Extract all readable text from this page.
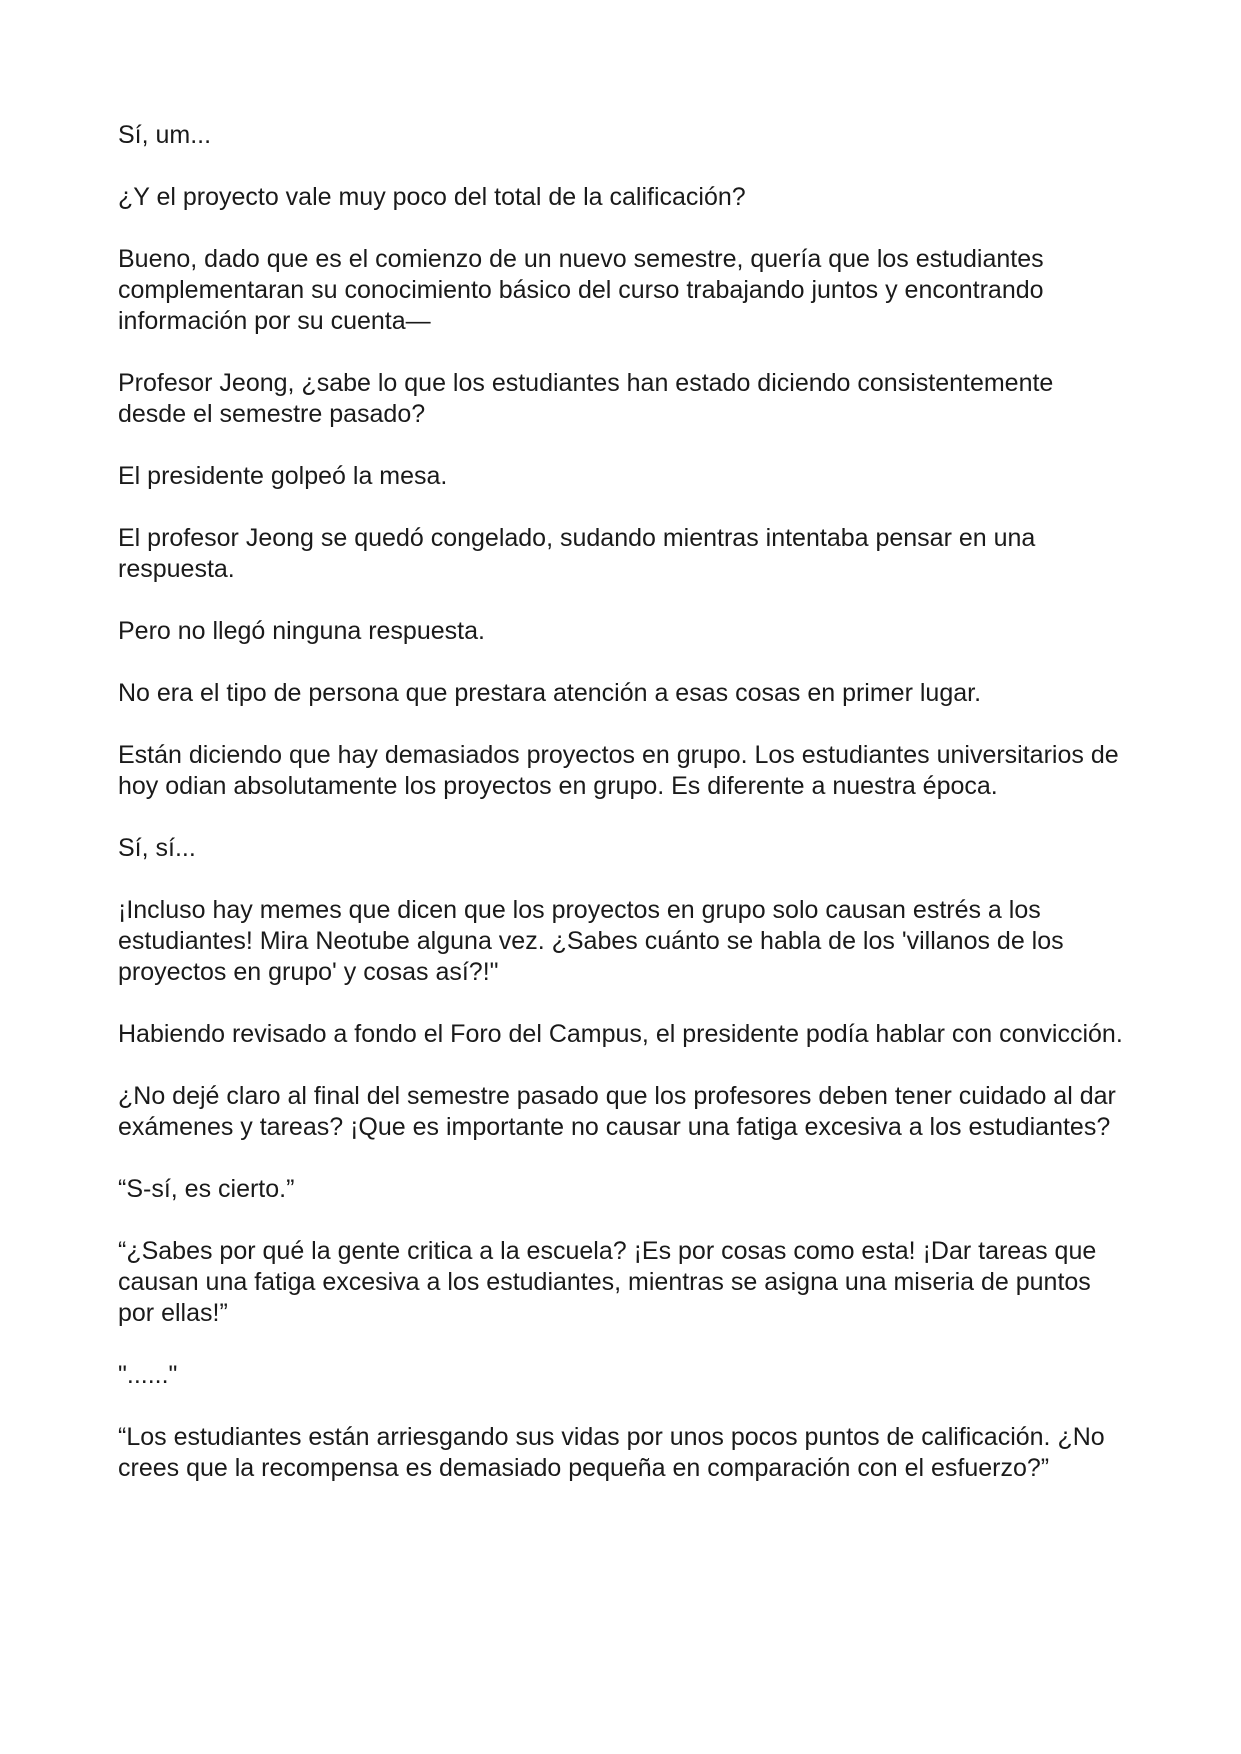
Sí, um...

¿Y el proyecto vale muy poco del total de la calificación?

Bueno, dado que es el comienzo de un nuevo semestre, quería que los estudiantes complementaran su conocimiento básico del curso trabajando juntos y encontrando información por su cuenta—

Profesor Jeong, ¿sabe lo que los estudiantes han estado diciendo consistentemente desde el semestre pasado?

El presidente golpeó la mesa.

El profesor Jeong se quedó congelado, sudando mientras intentaba pensar en una respuesta.

Pero no llegó ninguna respuesta.

No era el tipo de persona que prestara atención a esas cosas en primer lugar.

Están diciendo que hay demasiados proyectos en grupo. Los estudiantes universitarios de hoy odian absolutamente los proyectos en grupo. Es diferente a nuestra época.

Sí, sí...

¡Incluso hay memes que dicen que los proyectos en grupo solo causan estrés a los estudiantes! Mira Neotube alguna vez. ¿Sabes cuánto se habla de los 'villanos de los proyectos en grupo' y cosas así?!"

Habiendo revisado a fondo el Foro del Campus, el presidente podía hablar con convicción.

¿No dejé claro al final del semestre pasado que los profesores deben tener cuidado al dar exámenes y tareas? ¡Que es importante no causar una fatiga excesiva a los estudiantes?

“S-sí, es cierto.”

“¿Sabes por qué la gente critica a la escuela? ¡Es por cosas como esta! ¡Dar tareas que causan una fatiga excesiva a los estudiantes, mientras se asigna una miseria de puntos por ellas!”

"......"

“Los estudiantes están arriesgando sus vidas por unos pocos puntos de calificación. ¿No crees que la recompensa es demasiado pequeña en comparación con el esfuerzo?”
